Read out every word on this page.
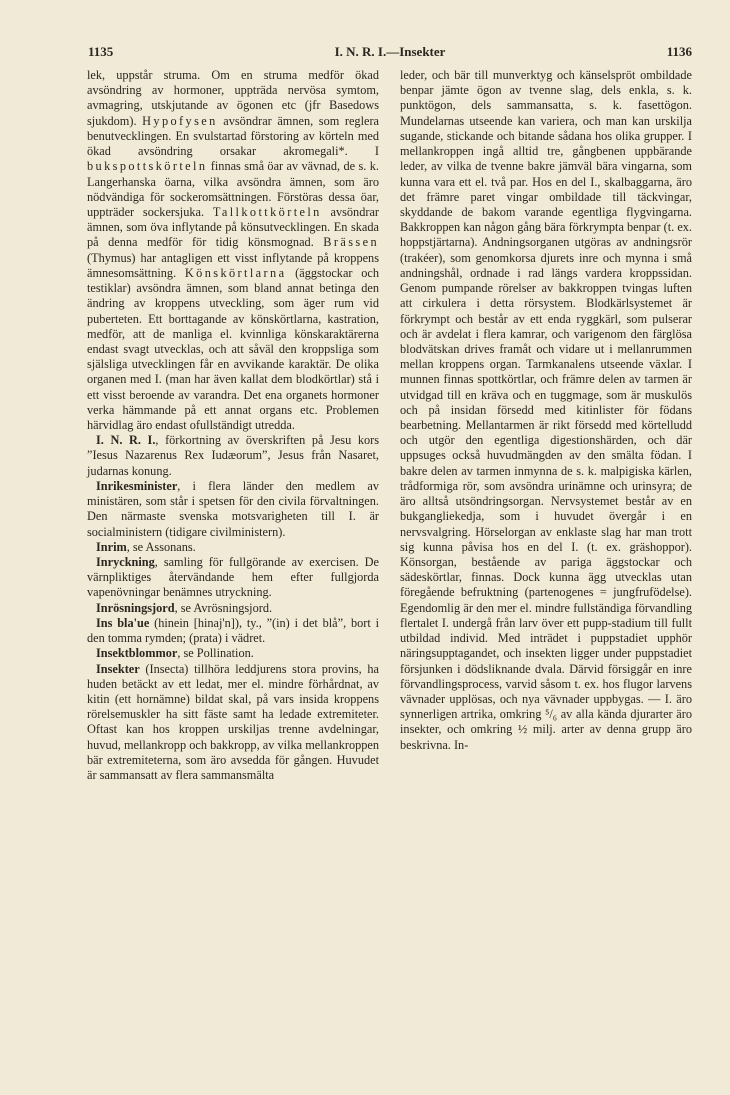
1135	I. N. R. I.—Insekter	1136

lek, uppstår struma. Om en struma medför ökad avsöndring av hormoner, uppträda nervösa symtom, avmagring, utskjutande av ögonen etc (jfr Basedows sjukdom). Hypofysen avsöndrar ämnen, som reglera benutvecklingen. En svulstartad förstoring av körteln med ökad avsöndring orsakar akromegali*. I bukspottskörteln finnas små öar av vävnad, de s. k. Langerhanska öarna, vilka avsöndra ämnen, som äro nödvändiga för sockeromsättningen. Förstöras dessa öar, uppträder sockersjuka. Tallkottkörteln avsöndrar ämnen, som öva inflytande på könsutvecklingen. En skada på denna medför för tidig könsmognad. Brässen (Thymus) har antagligen ett visst inflytande på kroppens ämnesomsättning. Könskörtlarna (äggstockar och testiklar) avsöndra ämnen, som bland annat betinga den ändring av kroppens utveckling, som äger rum vid puberteten. Ett borttagande av könskörtlarna, kastration, medför, att de manliga el. kvinnliga könskaraktärerna endast svagt utvecklas, och att såväl den kroppsliga som själsliga utvecklingen får en avvikande karaktär. De olika organen med I. (man har även kallat dem blodkörtlar) stå i ett visst beroende av varandra. Det ena organets hormoner verka hämmande på ett annat organs etc. Problemen härvidlag äro endast ofullständigt utredda.

I. N. R. I., förkortning av överskriften på Jesu kors ”Iesus Nazarenus Rex Iudæorum”, Jesus från Nasaret, judarnas konung.

Inrikesminister, i flera länder den medlem av ministären, som står i spetsen för den civila förvaltningen. Den närmaste svenska motsvarigheten till I. är socialministern (tidigare civilministern).

Inrim, se Assonans.

Inryckning, samling för fullgörande av exercisen. De värnpliktiges återvändande hem efter fullgjorda vapenövningar benämnes utryckning.

Inrösningsjord, se Avrösningsjord.

Ins bla'ue (hinein [hinaj'n]), ty., ”(in) i det blå”, bort i den tomma rymden; (prata) i vädret.

Insektblommor, se Pollination.

Insekter (Insecta) tillhöra leddjurens stora provins, ha huden betäckt av ett ledat, mer el. mindre förhårdnat, av kitin (ett hornämne) bildat skal, på vars insida kroppens rörelsemuskler ha sitt fäste samt ha ledade extremiteter. Oftast kan hos kroppen urskiljas trenne avdelningar, huvud, mellankropp och bakkropp, av vilka mellankroppen bär extremiteterna, som äro avsedda för gången. Huvudet är sammansatt av flera sammansmälta

leder, och bär till munverktyg och känselspröt ombildade benpar jämte ögon av tvenne slag, dels enkla, s. k. punktögon, dels sammansatta, s. k. fasettögon. Mundelarnas utseende kan variera, och man kan urskilja sugande, stickande och bitande sådana hos olika grupper. I mellankroppen ingå alltid tre, gångbenen uppbärande leder, av vilka de tvenne bakre jämväl bära vingarna, som kunna vara ett el. två par. Hos en del I., skalbaggarna, äro det främre paret vingar ombildade till täckvingar, skyddande de bakom varande egentliga flygvingarna. Bakkroppen kan någon gång bära förkrympta benpar (t. ex. hoppstjärtarna). Andningsorganen utgöras av andningsrör (trakéer), som genomkorsa djurets inre och mynna i små andningshål, ordnade i rad längs vardera kroppssidan. Genom pumpande rörelser av bakkroppen tvingas luften att cirkulera i detta rörsystem. Blodkärlsystemet är förkrympt och består av ett enda ryggkärl, som pulserar och är avdelat i flera kamrar, och varigenom den färglösa blodvätskan drives framåt och vidare ut i mellanrummen mellan kroppens organ. Tarmkanalens utseende växlar. I munnen finnas spottkörtlar, och främre delen av tarmen är utvidgad till en kräva och en tuggmage, som är muskulös och på insidan försedd med kitinlister för födans bearbetning. Mellantarmen är rikt försedd med körtelludd och utgör den egentliga digestionshärden, och där uppsuges också huvudmängden av den smälta födan. I bakre delen av tarmen inmynna de s. k. malpigiska kärlen, trådformiga rör, som avsöndra urinämne och urinsyra; de äro alltså utsöndringsorgan. Nervsystemet består av en bukgangliekedja, som i huvudet övergår i en nervsvalgring. Hörselorgan av enklaste slag har man trott sig kunna påvisa hos en del I. (t. ex. gräshoppor). Könsorgan, bestående av pariga äggstockar och sädeskörtlar, finnas. Dock kunna ägg utvecklas utan föregående befruktning (partenogenes = jungfrufödelse). Egendomlig är den mer el. mindre fullständiga förvandling flertalet I. undergå från larv över ett pupp-stadium till fullt utbildad individ. Med inträdet i puppstadiet upphör näringsupptagandet, och insekten ligger under puppstadiet försjunken i dödsliknande dvala. Därvid försiggår en inre förvandlingsprocess, varvid såsom t. ex. hos flugor larvens vävnader upplösas, och nya vävnader uppbygas. — I. äro synnerligen artrika, omkring ⁵/₆ av alla kända djurarter äro insekter, och omkring ½ milj. arter av denna grupp äro beskrivna. In-
